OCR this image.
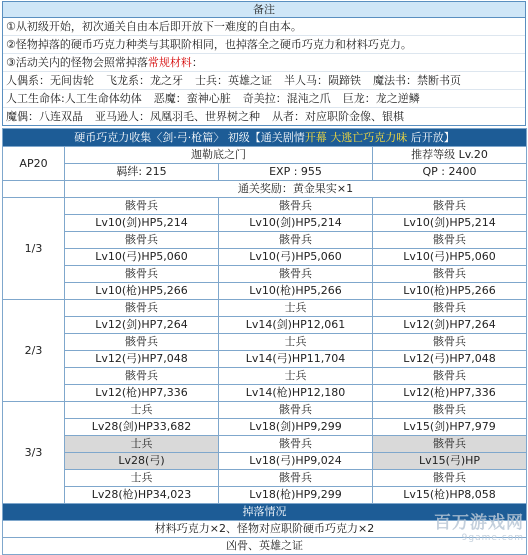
备注
①从初级开始，初次通关自由本后即开放下一难度的自由本。
②怪物掉落的硬币巧克力种类与其职阶相同，也掉落全之硬币巧克力和材料巧克力。
③活动关内的怪物会照常掉落常规材料：
人偶系：无间齿轮 飞龙系：龙之牙 士兵：英雄之证 半人马：陨蹄铁 魔法书：禁断书页
人工生命体:人工生命体幼体 恶魔：蛮神心脏 奇美拉：混沌之爪 巨龙：龙之逆鳞
魔偶：八连双晶 亚马逊人：凤凰羽毛、世界树之种 从者：对应职阶金像、银棋
硬币巧克力收集〈剑·弓·枪篇〉 初级【通关剧情开幕 大逃亡巧克力味 后开放】			
AP20	迦勒底之门		推荐等级 Lv.20
	羁绊: 215	EXP : 955	QP : 2400
	通关奖励：黄金果实×1		
1/3	骸骨兵	骸骨兵	骸骨兵
	Lv10(剑)HP5,214	Lv10(剑)HP5,214	Lv10(剑)HP5,214
	骸骨兵	骸骨兵	骸骨兵
	Lv10(弓)HP5,060	Lv10(弓)HP5,060	Lv10(弓)HP5,060
	骸骨兵	骸骨兵	骸骨兵
	Lv10(枪)HP5,266	Lv10(枪)HP5,266	Lv10(枪)HP5,266
2/3	骸骨兵	士兵	骸骨兵
	Lv12(剑)HP7,264	Lv14(剑)HP12,061	Lv12(剑)HP7,264
	骸骨兵	士兵	骸骨兵
	Lv12(弓)HP7,048	Lv14(弓)HP11,704	Lv12(弓)HP7,048
	骸骨兵	士兵	骸骨兵
	Lv12(枪)HP7,336	Lv14(枪)HP12,180	Lv12(枪)HP7,336
3/3	士兵	骸骨兵	骸骨兵
	Lv28(剑)HP33,682	Lv18(剑)HP9,299	Lv15(剑)HP7,979
	士兵	骸骨兵	骸骨兵
	Lv28(弓)	Lv18(弓)HP9,024	Lv15(弓)HP
	士兵	骸骨兵	骸骨兵
	Lv28(枪)HP34,023	Lv18(枪)HP9,299	Lv15(枪)HP8,058
掉落情况			
材料巧克力×2、怪物对应职阶硬币巧克力×2			
凶骨、英雄之证			
百万游戏网
9game.com
